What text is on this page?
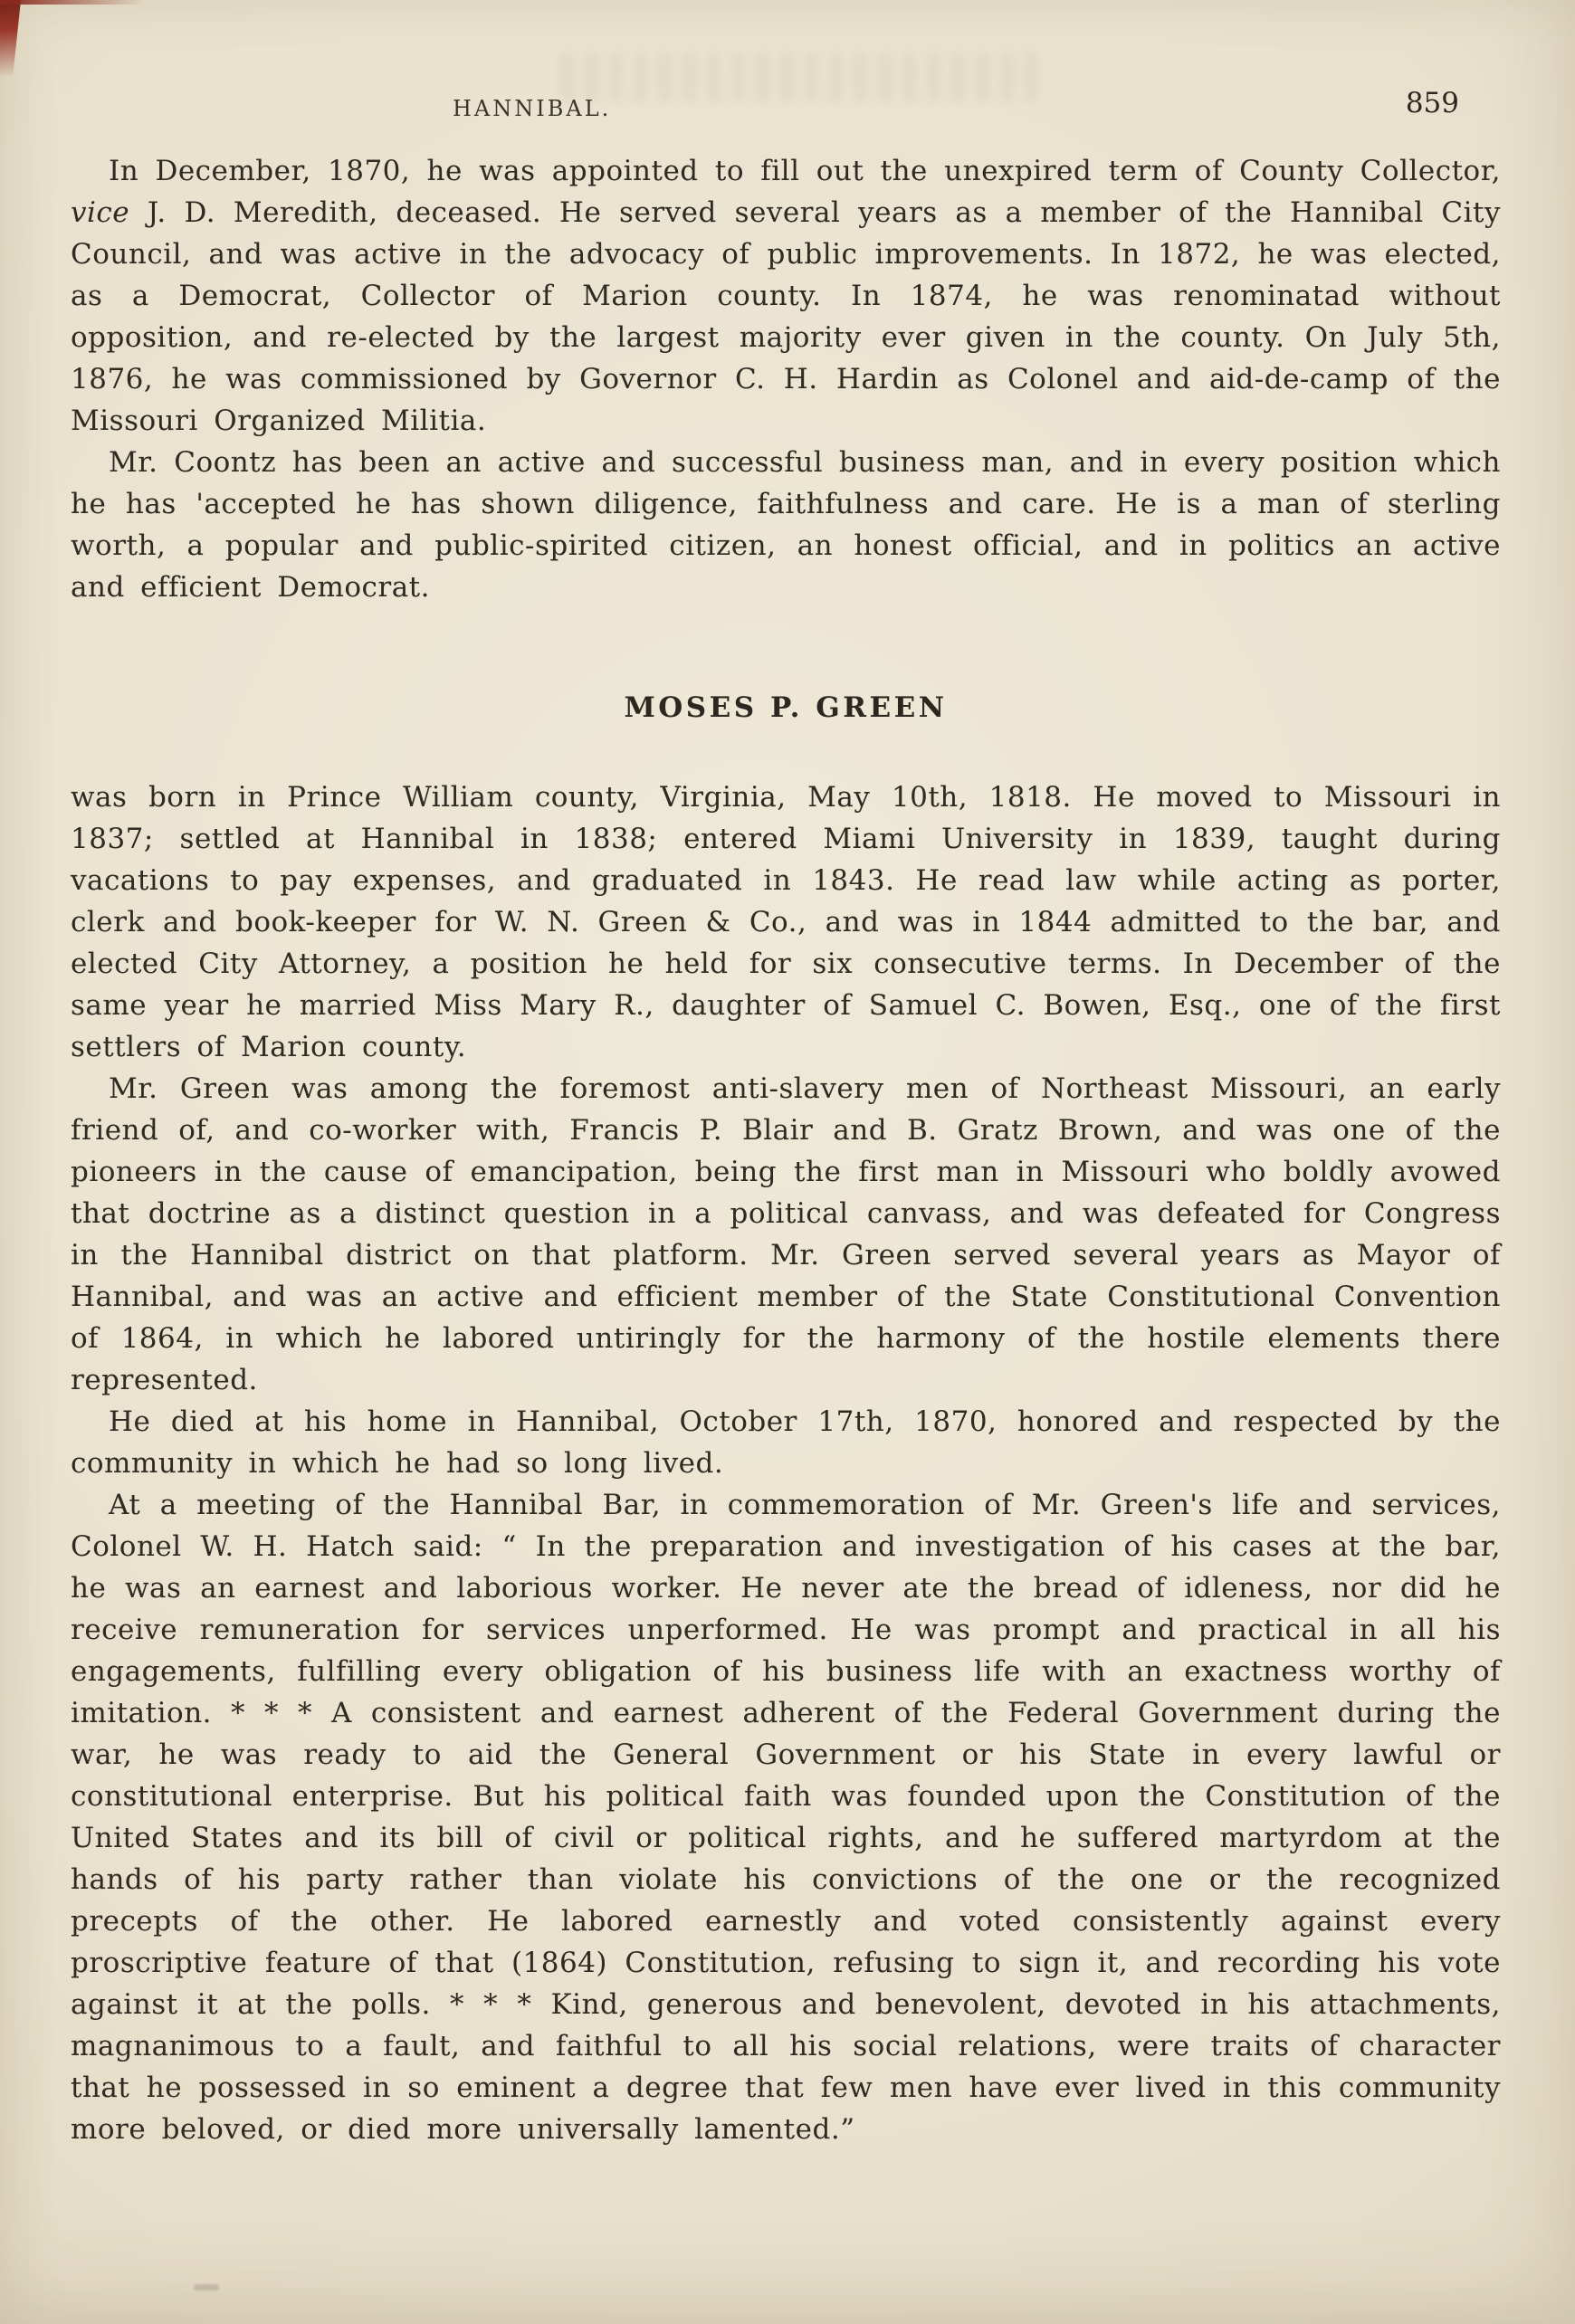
HANNIBAL.	859

In December, 1870, he was appointed to fill out the unexpired term of County Collector, vice J. D. Meredith, deceased. He served several years as a member of the Hannibal City Council, and was active in the advocacy of public improvements. In 1872, he was elected, as a Democrat, Collector of Marion county. In 1874, he was renominatad without opposition, and re-elected by the largest majority ever given in the county. On July 5th, 1876, he was commissioned by Governor C. H. Hardin as Colonel and aid-de-camp of the Missouri Organized Militia.

Mr. Coontz has been an active and successful business man, and in every position which he has 'accepted he has shown diligence, faithfulness and care. He is a man of sterling worth, a popular and public-spirited citizen, an honest official, and in politics an active and efficient Democrat.

MOSES P. GREEN

was born in Prince William county, Virginia, May 10th, 1818. He moved to Missouri in 1837; settled at Hannibal in 1838; entered Miami University in 1839, taught during vacations to pay expenses, and graduated in 1843. He read law while acting as porter, clerk and book-keeper for W. N. Green & Co., and was in 1844 admitted to the bar, and elected City Attorney, a position he held for six consecutive terms. In December of the same year he married Miss Mary R., daughter of Samuel C. Bowen, Esq., one of the first settlers of Marion county.

Mr. Green was among the foremost anti-slavery men of Northeast Missouri, an early friend of, and co-worker with, Francis P. Blair and B. Gratz Brown, and was one of the pioneers in the cause of emancipation, being the first man in Missouri who boldly avowed that doctrine as a distinct question in a political canvass, and was defeated for Congress in the Hannibal district on that platform. Mr. Green served several years as Mayor of Hannibal, and was an active and efficient member of the State Constitutional Convention of 1864, in which he labored untiringly for the harmony of the hostile elements there represented.

He died at his home in Hannibal, October 17th, 1870, honored and respected by the community in which he had so long lived.

At a meeting of the Hannibal Bar, in commemoration of Mr. Green's life and services, Colonel W. H. Hatch said: “ In the preparation and investigation of his cases at the bar, he was an earnest and laborious worker. He never ate the bread of idleness, nor did he receive remuneration for services unperformed. He was prompt and practical in all his engagements, fulfilling every obligation of his business life with an exactness worthy of imitation. * * * A consistent and earnest adherent of the Federal Government during the war, he was ready to aid the General Government or his State in every lawful or constitutional enterprise. But his political faith was founded upon the Constitution of the United States and its bill of civil or political rights, and he suffered martyrdom at the hands of his party rather than violate his convictions of the one or the recognized precepts of the other. He labored earnestly and voted consistently against every proscriptive feature of that (1864) Constitution, refusing to sign it, and recording his vote against it at the polls. * * * Kind, generous and benevolent, devoted in his attachments, magnanimous to a fault, and faithful to all his social relations, were traits of character that he possessed in so eminent a degree that few men have ever lived in this community more beloved, or died more universally lamented.”
